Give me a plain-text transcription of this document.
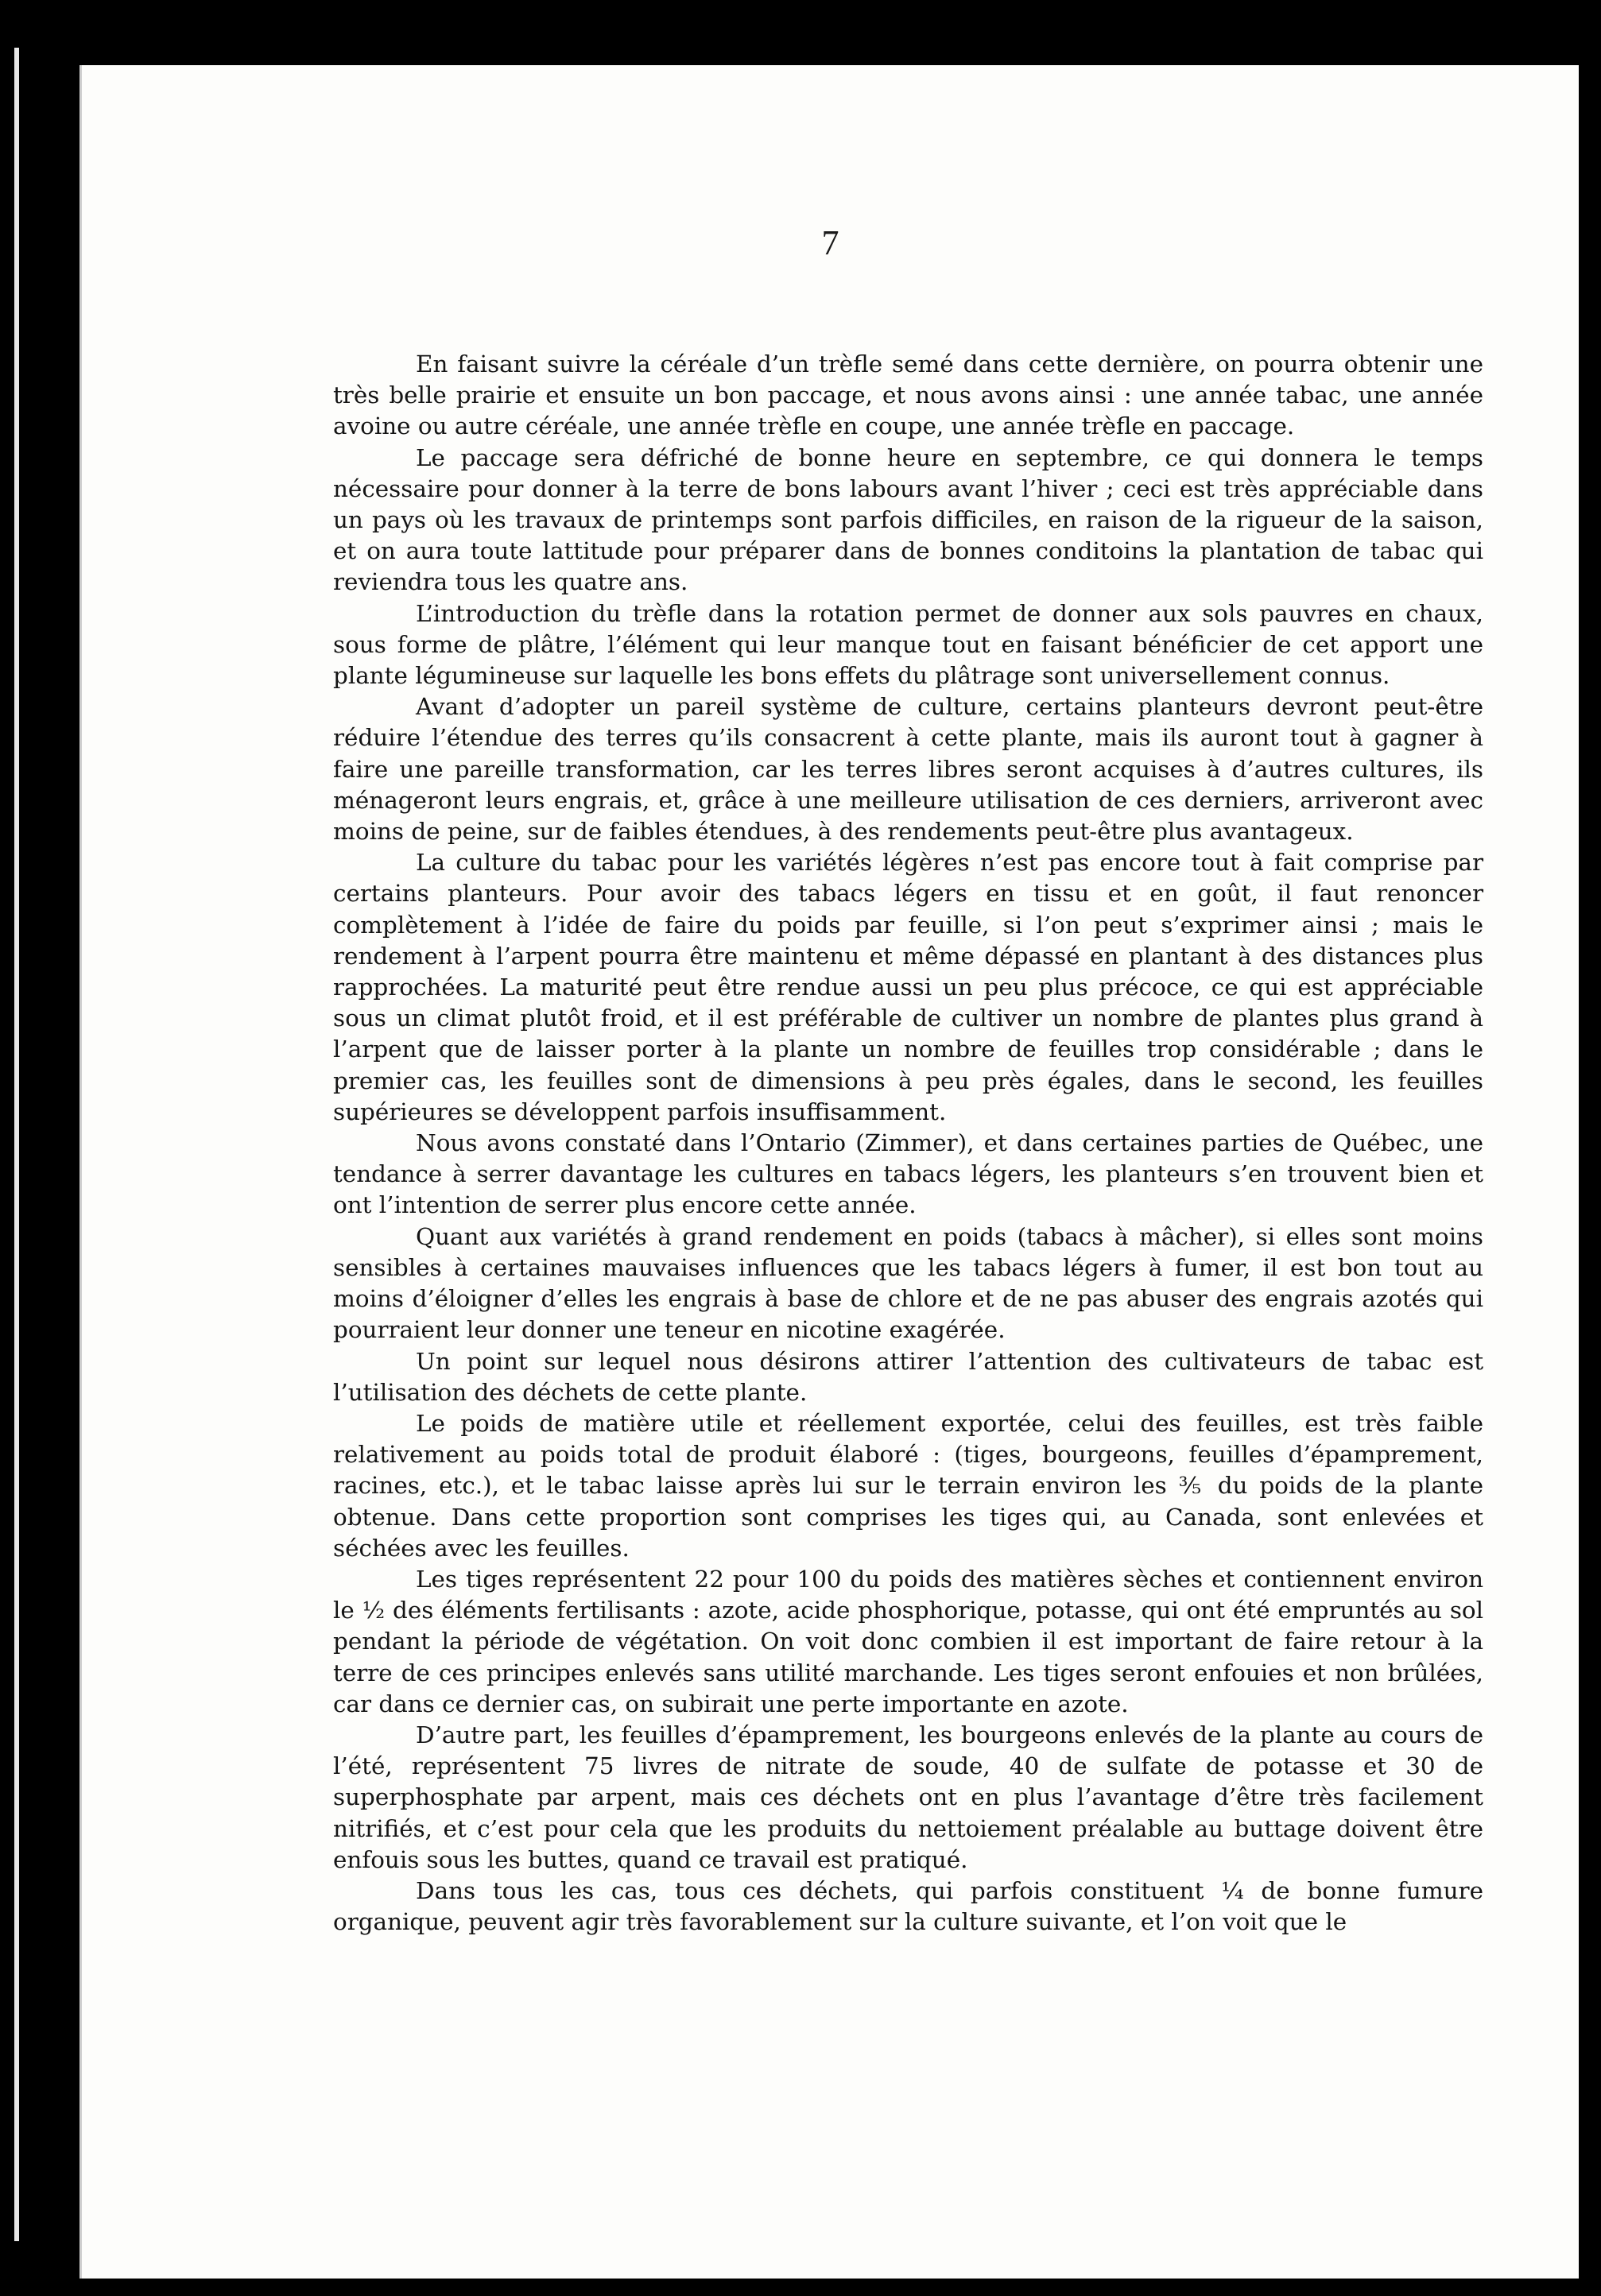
7

En faisant suivre la céréale d’un trèfle semé dans cette dernière, on pourra obtenir une très belle prairie et ensuite un bon paccage, et nous avons ainsi : une année tabac, une année avoine ou autre céréale, une année trèfle en coupe, une année trèfle en paccage.

Le paccage sera défriché de bonne heure en septembre, ce qui donnera le temps nécessaire pour donner à la terre de bons labours avant l’hiver ; ceci est très appréciable dans un pays où les travaux de printemps sont parfois difficiles, en raison de la rigueur de la saison, et on aura toute lattitude pour préparer dans de bonnes conditoins la plantation de tabac qui reviendra tous les quatre ans.

L’introduction du trèfle dans la rotation permet de donner aux sols pauvres en chaux, sous forme de plâtre, l’élément qui leur manque tout en faisant bénéficier de cet apport une plante légumineuse sur laquelle les bons effets du plâtrage sont universellement connus.

Avant d’adopter un pareil système de culture, certains planteurs devront peut-être réduire l’étendue des terres qu’ils consacrent à cette plante, mais ils auront tout à gagner à faire une pareille transformation, car les terres libres seront acquises à d’autres cultures, ils ménageront leurs engrais, et, grâce à une meilleure utilisation de ces derniers, arriveront avec moins de peine, sur de faibles étendues, à des rendements peut-être plus avantageux.

La culture du tabac pour les variétés légères n’est pas encore tout à fait comprise par certains planteurs. Pour avoir des tabacs légers en tissu et en goût, il faut renoncer complètement à l’idée de faire du poids par feuille, si l’on peut s’exprimer ainsi ; mais le rendement à l’arpent pourra être maintenu et même dépassé en plantant à des distances plus rapprochées. La maturité peut être rendue aussi un peu plus précoce, ce qui est appréciable sous un climat plutôt froid, et il est préférable de cultiver un nombre de plantes plus grand à l’arpent que de laisser porter à la plante un nombre de feuilles trop considérable ; dans le premier cas, les feuilles sont de dimensions à peu près égales, dans le second, les feuilles supérieures se développent parfois insuffisamment.

Nous avons constaté dans l’Ontario (Zimmer), et dans certaines parties de Québec, une tendance à serrer davantage les cultures en tabacs légers, les planteurs s’en trouvent bien et ont l’intention de serrer plus encore cette année.

Quant aux variétés à grand rendement en poids (tabacs à mâcher), si elles sont moins sensibles à certaines mauvaises influences que les tabacs légers à fumer, il est bon tout au moins d’éloigner d’elles les engrais à base de chlore et de ne pas abuser des engrais azotés qui pourraient leur donner une teneur en nicotine exagérée.

Un point sur lequel nous désirons attirer l’attention des cultivateurs de tabac est l’utilisation des déchets de cette plante.

Le poids de matière utile et réellement exportée, celui des feuilles, est très faible relativement au poids total de produit élaboré : (tiges, bourgeons, feuilles d’épamprement, racines, etc.), et le tabac laisse après lui sur le terrain environ les ⅗ du poids de la plante obtenue. Dans cette proportion sont comprises les tiges qui, au Canada, sont enlevées et séchées avec les feuilles.

Les tiges représentent 22 pour 100 du poids des matières sèches et contiennent environ le ½ des éléments fertilisants : azote, acide phosphorique, potasse, qui ont été empruntés au sol pendant la période de végétation. On voit donc combien il est important de faire retour à la terre de ces principes enlevés sans utilité marchande. Les tiges seront enfouies et non brûlées, car dans ce dernier cas, on subirait une perte importante en azote.

D’autre part, les feuilles d’épamprement, les bourgeons enlevés de la plante au cours de l’été, représentent 75 livres de nitrate de soude, 40 de sulfate de potasse et 30 de superphosphate par arpent, mais ces déchets ont en plus l’avantage d’être très facilement nitrifiés, et c’est pour cela que les produits du nettoiement préalable au buttage doivent être enfouis sous les buttes, quand ce travail est pratiqué.

Dans tous les cas, tous ces déchets, qui parfois constituent ¼ de bonne fumure organique, peuvent agir très favorablement sur la culture suivante, et l’on voit que le
